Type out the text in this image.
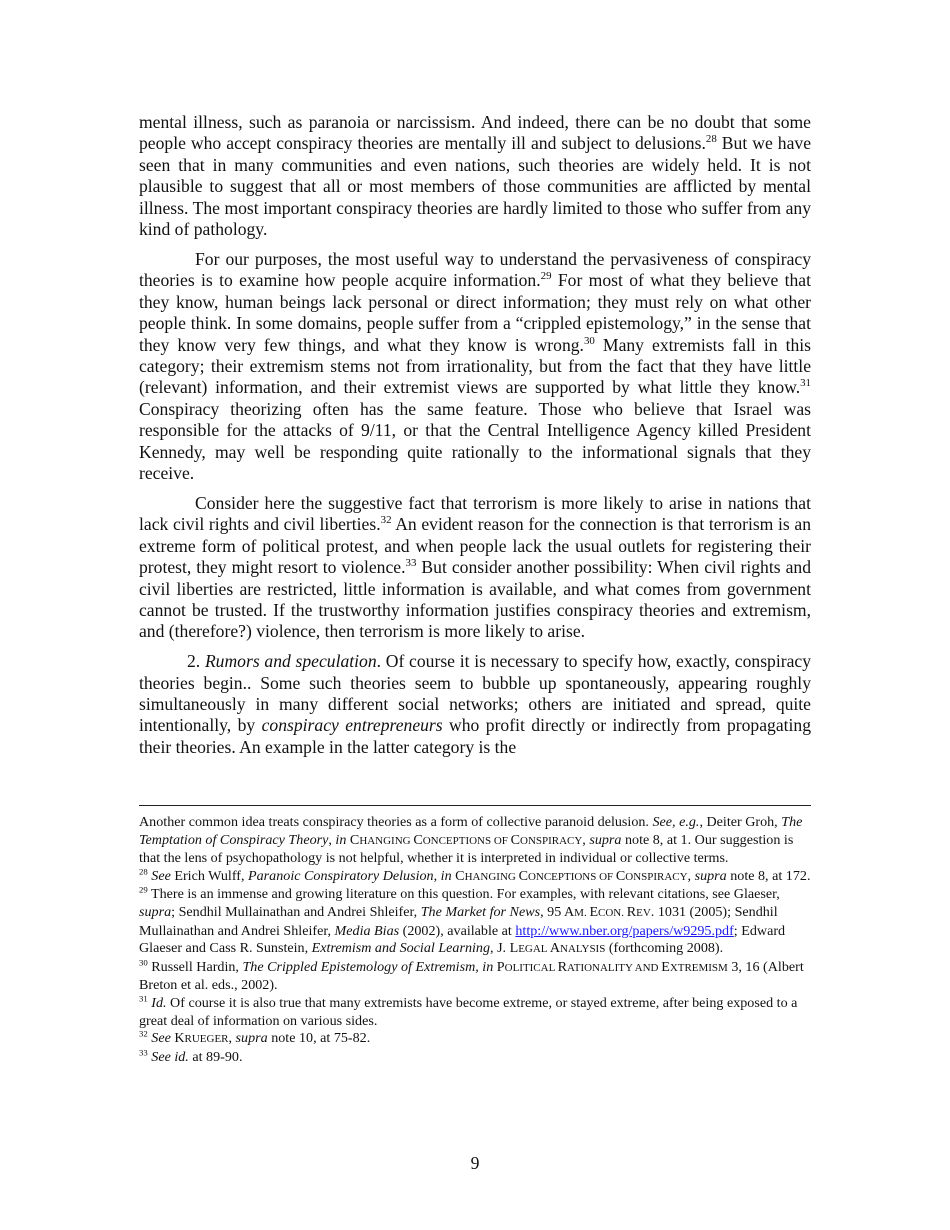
mental illness, such as paranoia or narcissism. And indeed, there can be no doubt that some people who accept conspiracy theories are mentally ill and subject to delusions.$^{28}$ But we have seen that in many communities and even nations, such theories are widely held. It is not plausible to suggest that all or most members of those communities are afflicted by mental illness. The most important conspiracy theories are hardly limited to those who suffer from any kind of pathology.

For our purposes, the most useful way to understand the pervasiveness of conspiracy theories is to examine how people acquire information.$^{29}$ For most of what they believe that they know, human beings lack personal or direct information; they must rely on what other people think. In some domains, people suffer from a “crippled epistemology,” in the sense that they know very few things, and what they know is wrong.$^{30}$ Many extremists fall in this category; their extremism stems not from irrationality, but from the fact that they have little (relevant) information, and their extremist views are supported by what little they know.$^{31}$ Conspiracy theorizing often has the same feature. Those who believe that Israel was responsible for the attacks of 9/11, or that the Central Intelligence Agency killed President Kennedy, may well be responding quite rationally to the informational signals that they receive.

Consider here the suggestive fact that terrorism is more likely to arise in nations that lack civil rights and civil liberties.$^{32}$ An evident reason for the connection is that terrorism is an extreme form of political protest, and when people lack the usual outlets for registering their protest, they might resort to violence.$^{33}$ But consider another possibility: When civil rights and civil liberties are restricted, little information is available, and what comes from government cannot be trusted. If the trustworthy information justifies conspiracy theories and extremism, and (therefore?) violence, then terrorism is more likely to arise.

2. Rumors and speculation. Of course it is necessary to specify how, exactly, conspiracy theories begin.. Some such theories seem to bubble up spontaneously, appearing roughly simultaneously in many different social networks; others are initiated and spread, quite intentionally, by conspiracy entrepreneurs who profit directly or indirectly from propagating their theories. An example in the latter category is the

Another common idea treats conspiracy theories as a form of collective paranoid delusion. See, e.g., Deiter Groh, The Temptation of Conspiracy Theory, in CHANGING CONCEPTIONS OF CONSPIRACY, supra note 8, at 1. Our suggestion is that the lens of psychopathology is not helpful, whether it is interpreted in individual or collective terms.

$^{28}$ See Erich Wulff, Paranoic Conspiratory Delusion, in CHANGING CONCEPTIONS OF CONSPIRACY, supra note 8, at 172.

$^{29}$ There is an immense and growing literature on this question. For examples, with relevant citations, see Glaeser, supra; Sendhil Mullainathan and Andrei Shleifer, The Market for News, 95 AM. ECON. REV. 1031 (2005); Sendhil Mullainathan and Andrei Shleifer, Media Bias (2002), available at http://www.nber.org/papers/w9295.pdf; Edward Glaeser and Cass R. Sunstein, Extremism and Social Learning, J. LEGAL ANALYSIS (forthcoming 2008).

$^{30}$ Russell Hardin, The Crippled Epistemology of Extremism, in POLITICAL RATIONALITY AND EXTREMISM 3, 16 (Albert Breton et al. eds., 2002).

$^{31}$ Id. Of course it is also true that many extremists have become extreme, or stayed extreme, after being exposed to a great deal of information on various sides.

$^{32}$ See KRUEGER, supra note 10, at 75-82.

$^{33}$ See id. at 89-90.

9
